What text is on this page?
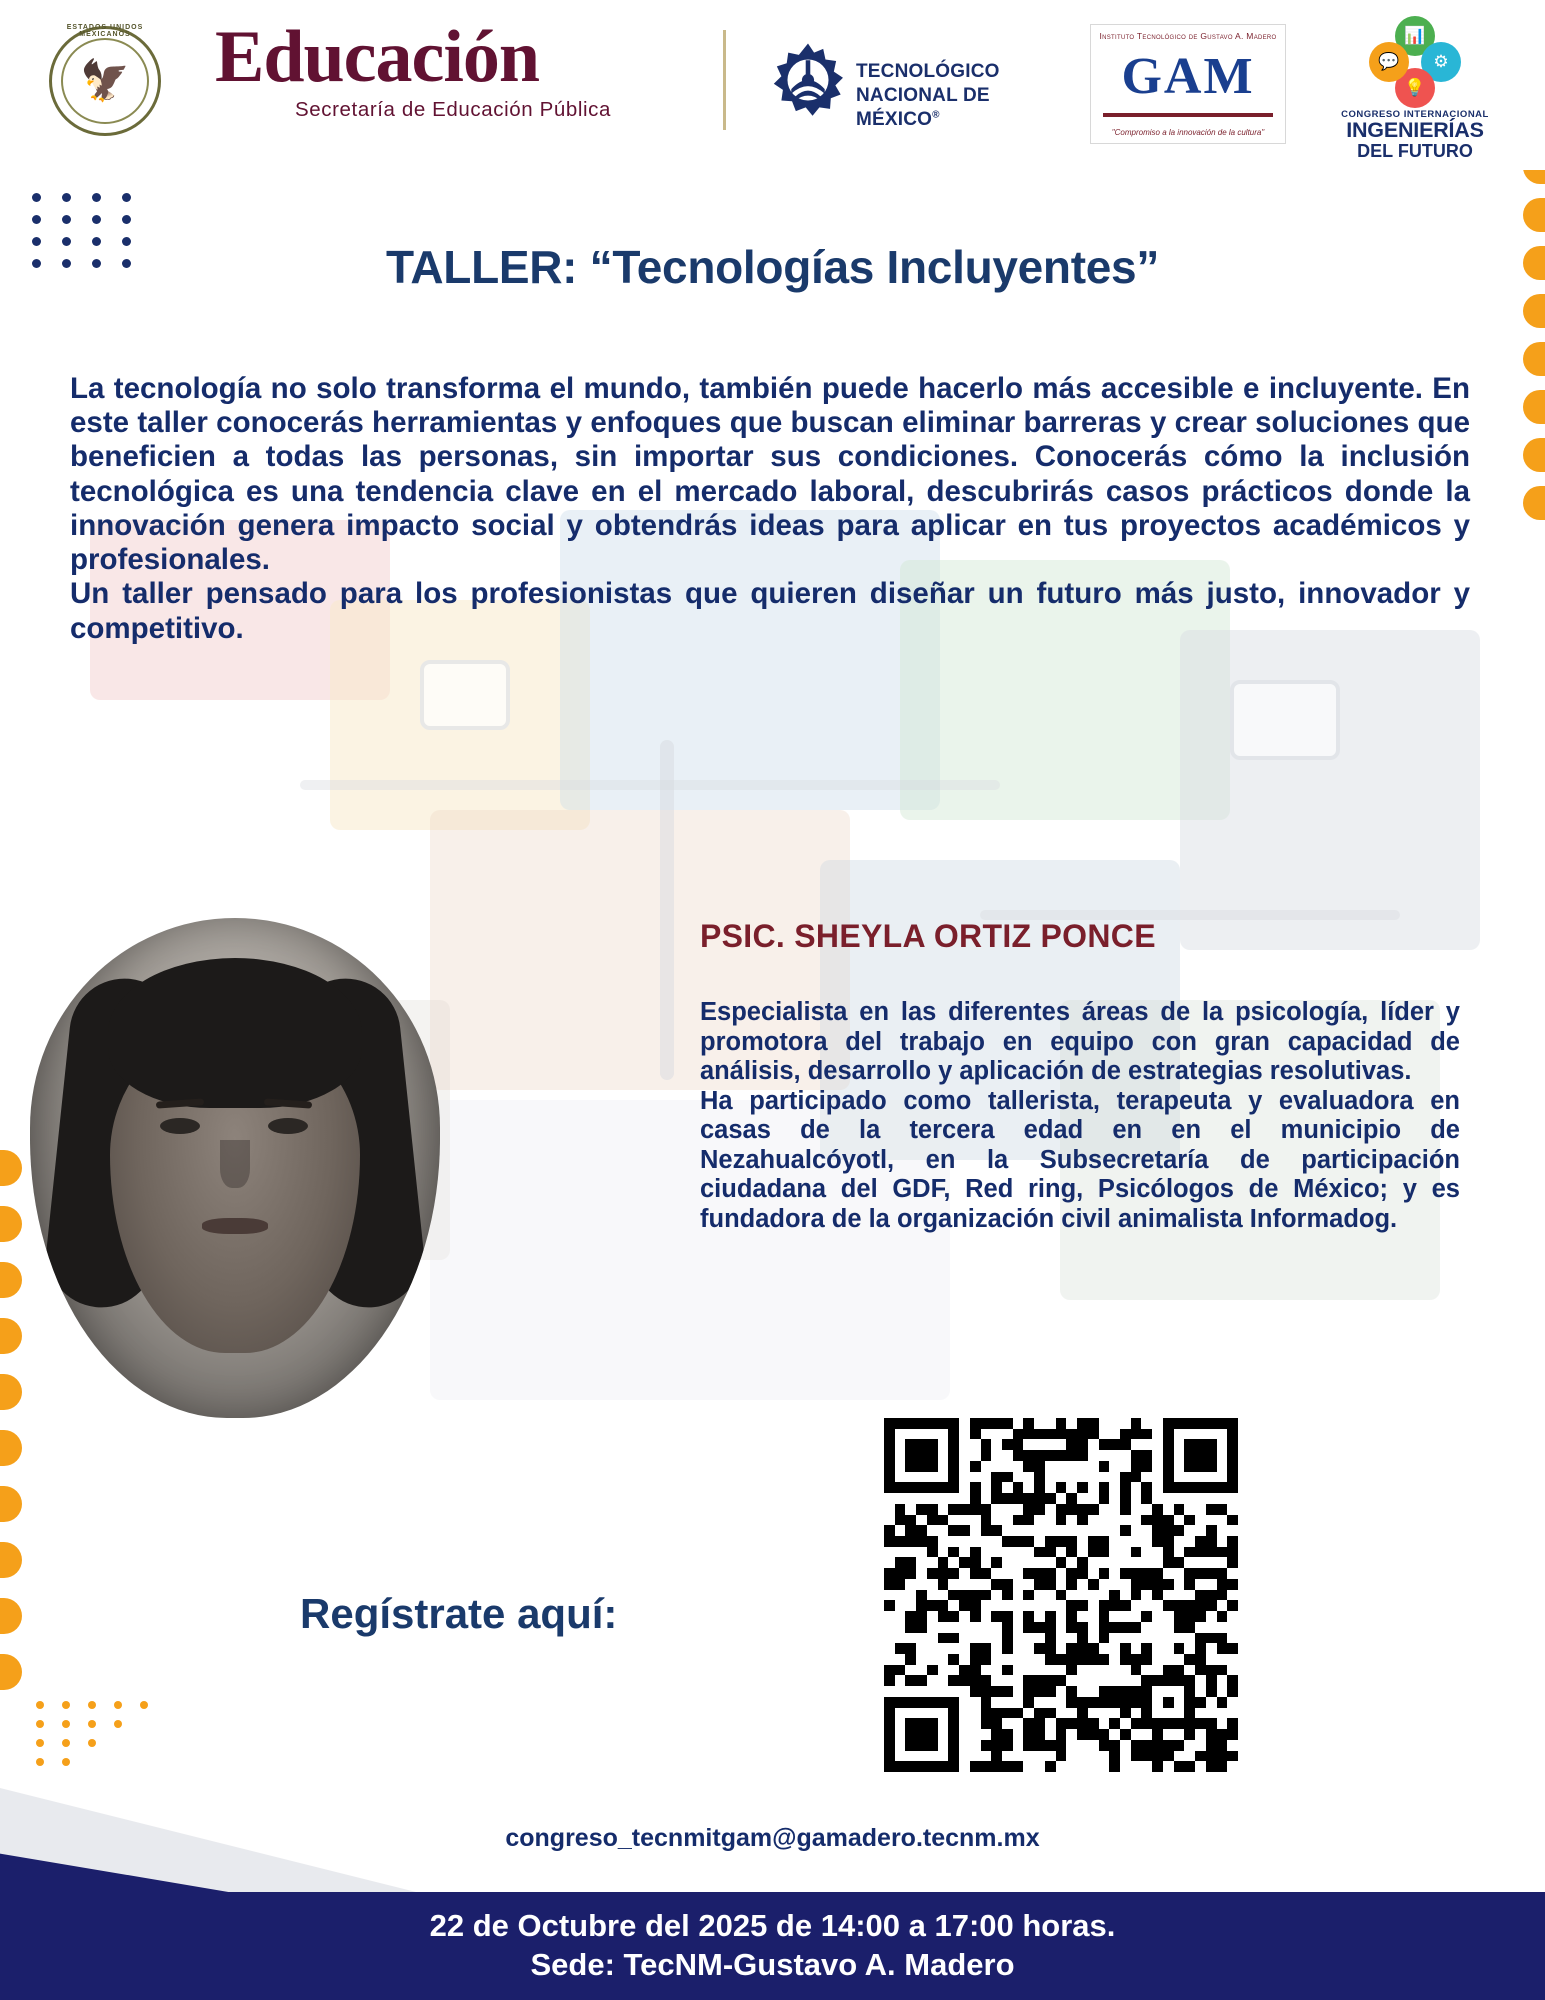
ESTADOS UNIDOS MEXICANOS
🦅 Educación
Secretaría de Educación Pública
TECNOLÓGICO
NACIONAL DE MÉXICO®
Instituto Tecnológico de Gustavo A. Madero
GAM
"Compromiso a la innovación de la cultura"
📊
⚙
💡
💬
CONGRESO INTERNACIONAL
INGENIERÍAS
DEL FUTURO
TALLER: “Tecnologías Incluyentes”

La tecnología no solo transforma el mundo, también puede hacerlo más accesible e incluyente. En este taller conocerás herramientas y enfoques que buscan eliminar barreras y crear soluciones que beneficien a todas las personas, sin importar sus condiciones. Conocerás cómo la inclusión tecnológica es una tendencia clave en el mercado laboral, descubrirás casos prácticos donde la innovación genera impacto social y obtendrás ideas para aplicar en tus proyectos académicos y profesionales.

Un taller pensado para los profesionistas que quieren diseñar un futuro más justo, innovador y competitivo.

PSIC. SHEYLA ORTIZ PONCE

Especialista en las diferentes áreas de la psicología, líder y promotora del trabajo en equipo con gran capacidad de análisis, desarrollo y aplicación de estrategias resolutivas.

Ha participado como tallerista, terapeuta y evaluadora en casas de la tercera edad en en el municipio de Nezahualcóyotl, en la Subsecretaría de participación ciudadana del GDF, Red ring, Psicólogos de México; y es fundadora de la organización civil animalista Informadog.

Regístrate aquí:
congreso_tecnmitgam@gamadero.tecnm.mx
22 de Octubre del 2025 de 14:00 a 17:00 horas.
Sede: TecNM-Gustavo A. Madero
